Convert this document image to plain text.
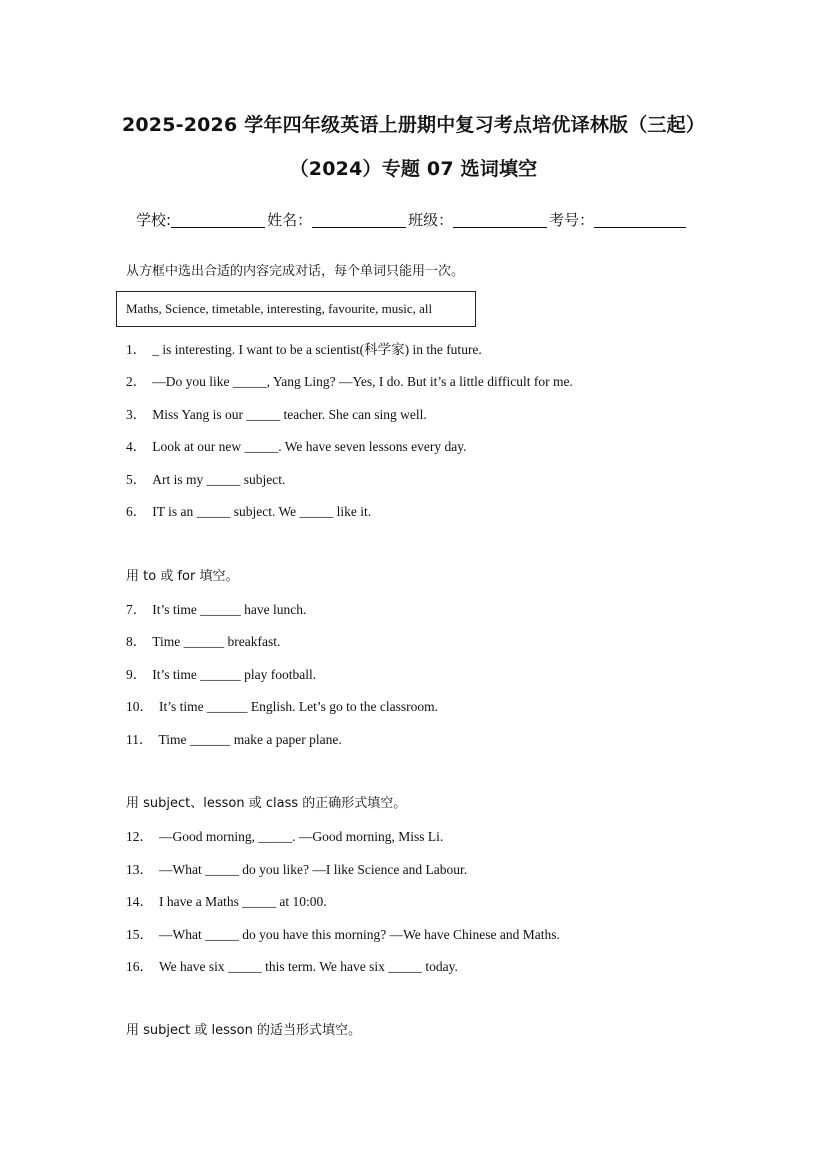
2025-2026 学年四年级英语上册期中复习考点培优译林版（三起）
（2024）专题 07 选词填空
学校:	姓名：	班级：	考号：
从方框中选出合适的内容完成对话，每个单词只能用一次。
Maths, Science, timetable, interesting, favourite, music, all
1． _ is interesting. I want to be a scientist(科学家) in the future.
2． —Do you like _____, Yang Ling? —Yes, I do. But it’s a little difficult for me.
3． Miss Yang is our _____ teacher. She can sing well.
4． Look at our new _____. We have seven lessons every day.
5． Art is my _____ subject.
6． IT is an _____ subject. We _____ like it.
用 to 或 for 填空。
7． It’s time ______ have lunch.
8． Time ______ breakfast.
9． It’s time ______ play football.
10． It’s time ______ English. Let’s go to the classroom.
11． Time ______ make a paper plane.
用 subject、lesson 或 class 的正确形式填空。
12． —Good morning, _____. —Good morning, Miss Li.
13． —What _____ do you like? —I like Science and Labour.
14． I have a Maths _____ at 10:00.
15． —What _____ do you have this morning? —We have Chinese and Maths.
16． We have six _____ this term. We have six _____ today.
用 subject 或 lesson 的适当形式填空。
